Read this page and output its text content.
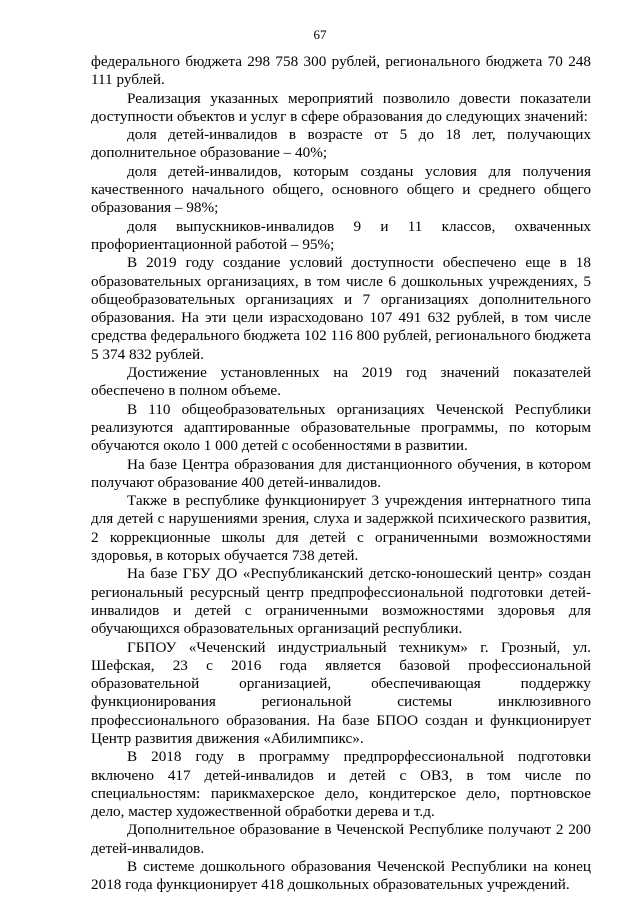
67

федерального бюджета 298 758 300 рублей, регионального бюджета 70 248 111 рублей.

Реализация указанных мероприятий позволило довести показатели доступности объектов и услуг в сфере образования до следующих значений:

доля детей-инвалидов в возрасте от 5 до 18 лет, получающих дополнительное образование – 40%;

доля детей-инвалидов, которым созданы условия для получения качественного начального общего, основного общего и среднего общего образования – 98%;

доля выпускников-инвалидов 9 и 11 классов, охваченных профориентационной работой – 95%;

В 2019 году создание условий доступности обеспечено еще в 18 образовательных организациях, в том числе 6 дошкольных учреждениях, 5 общеобразовательных организациях и 7 организациях дополнительного образования. На эти цели израсходовано 107 491 632 рублей, в том числе средства федерального бюджета 102 116 800 рублей, регионального бюджета 5 374 832 рублей.

Достижение установленных на 2019 год значений показателей обеспечено в полном объеме.

В 110 общеобразовательных организациях Чеченской Республики реализуются адаптированные образовательные программы, по которым обучаются около 1 000 детей с особенностями в развитии.

На базе Центра образования для дистанционного обучения, в котором получают образование 400 детей-инвалидов.

Также в республике функционирует 3 учреждения интернатного типа для детей с нарушениями зрения, слуха и задержкой психического развития, 2 коррекционные школы для детей с ограниченными возможностями здоровья, в которых обучается 738 детей.

На базе ГБУ ДО «Республиканский детско-юношеский центр» создан региональный ресурсный центр предпрофессиональной подготовки детей-инвалидов и детей с ограниченными возможностями здоровья для обучающихся образовательных организаций республики.

ГБПОУ «Чеченский индустриальный техникум» г. Грозный, ул. Шефская, 23 с 2016 года является базовой профессиональной образовательной организацией, обеспечивающая поддержку функционирования региональной системы инклюзивного профессионального образования. На базе БПОО создан и функционирует Центр развития движения «Абилимпикс».

В 2018 году в программу предпрорфессиональной подготовки включено 417 детей-инвалидов и детей с ОВЗ, в том числе по специальностям: парикмахерское дело, кондитерское дело, портновское дело, мастер художественной обработки дерева и т.д.

Дополнительное образование в Чеченской Республике получают 2 200 детей-инвалидов.

В системе дошкольного образования Чеченской Республики на конец 2018 года функционирует 418 дошкольных образовательных учреждений.
